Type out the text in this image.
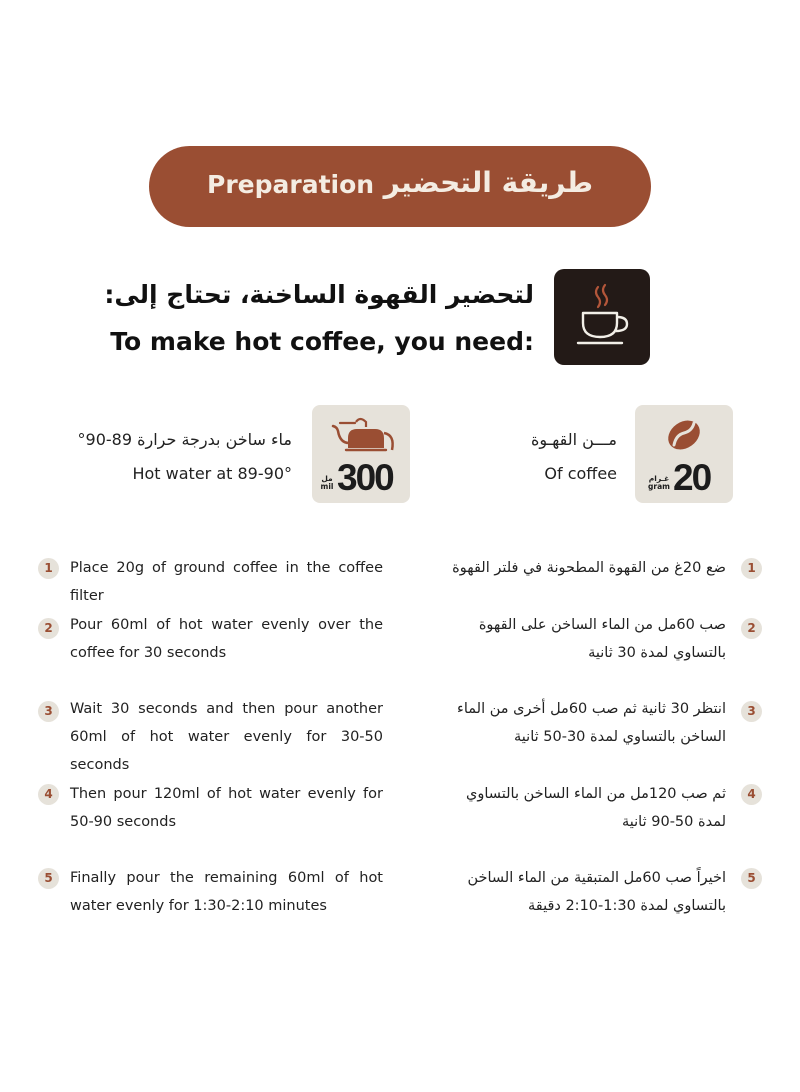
Preparation طريقة التحضير
لتحضير القهوة الساخنة، تحتاج إلى:
To make hot coffee, you need:
مل
mil 300
ماء ساخن بدرجة حرارة 89-90°
Hot water at 89-90°	غـرام
gram 20
مـــن القهـوة
Of coffee
1	Place 20g of ground coffee in the coffee filter
ضع 20غ من القهوة المطحونة في فلتر القهوة	1
2	Pour 60ml of hot water evenly over the coffee for 30 seconds
صب 60مل من الماء الساخن على القهوة بالتساوي لمدة 30 ثانية
2
3	Wait 30 seconds and then pour another 60ml of hot water evenly for 30-50 seconds
انتظر 30 ثانية ثم صب 60مل أخرى من الماء الساخن بالتساوي لمدة 30-50 ثانية
3
4	Then pour 120ml of hot water evenly for 50-90 seconds
ثم صب 120مل من الماء الساخن بالتساوي لمدة 50-90 ثانية
4
5	Finally pour the remaining 60ml of hot water evenly for 1:30-2:10 minutes
اخيراً صب 60مل المتبقية من الماء الساخن بالتساوي لمدة 1:30-2:10 دقيقة
5
